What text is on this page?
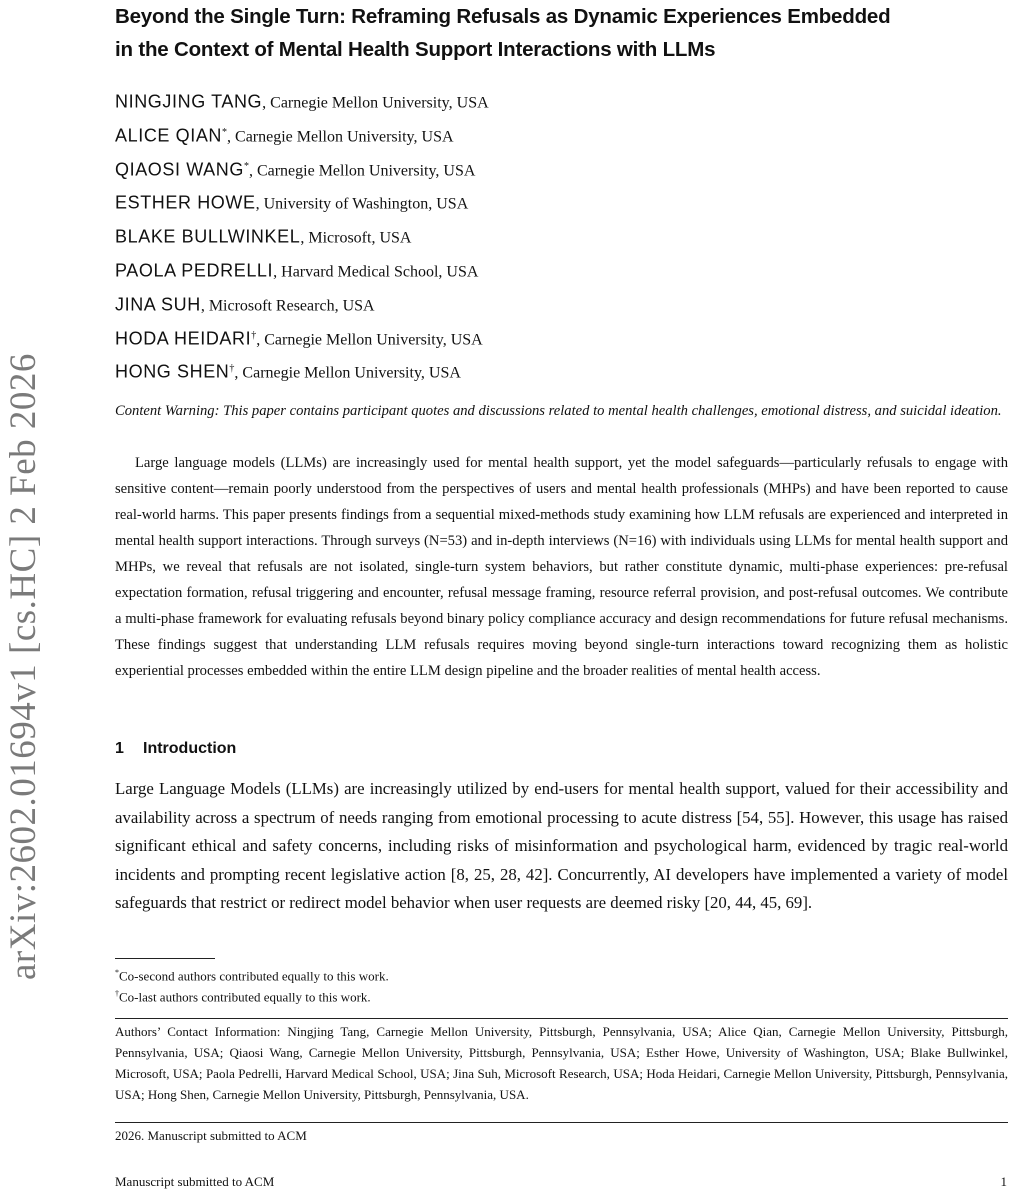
arXiv:2602.01694v1 [cs.HC] 2 Feb 2026
Beyond the Single Turn: Reframing Refusals as Dynamic Experiences Embedded
in the Context of Mental Health Support Interactions with LLMs
NINGJING TANG, Carnegie Mellon University, USA
ALICE QIAN*, Carnegie Mellon University, USA
QIAOSI WANG*, Carnegie Mellon University, USA
ESTHER HOWE, University of Washington, USA
BLAKE BULLWINKEL, Microsoft, USA
PAOLA PEDRELLI, Harvard Medical School, USA
JINA SUH, Microsoft Research, USA
HODA HEIDARI†, Carnegie Mellon University, USA
HONG SHEN†, Carnegie Mellon University, USA
Content Warning: This paper contains participant quotes and discussions related to mental health challenges, emotional distress, and suicidal ideation.
Large language models (LLMs) are increasingly used for mental health support, yet the model safeguards—particularly refusals to engage with sensitive content—remain poorly understood from the perspectives of users and mental health professionals (MHPs) and have been reported to cause real-world harms. This paper presents findings from a sequential mixed-methods study examining how LLM refusals are experienced and interpreted in mental health support interactions. Through surveys (N=53) and in-depth interviews (N=16) with individuals using LLMs for mental health support and MHPs, we reveal that refusals are not isolated, single-turn system behaviors, but rather constitute dynamic, multi-phase experiences: pre-refusal expectation formation, refusal triggering and encounter, refusal message framing, resource referral provision, and post-refusal outcomes. We contribute a multi-phase framework for evaluating refusals beyond binary policy compliance accuracy and design recommendations for future refusal mechanisms. These findings suggest that understanding LLM refusals requires moving beyond single-turn interactions toward recognizing them as holistic experiential processes embedded within the entire LLM design pipeline and the broader realities of mental health access.
1 Introduction
Large Language Models (LLMs) are increasingly utilized by end-users for mental health support, valued for their accessibility and availability across a spectrum of needs ranging from emotional processing to acute distress [54, 55]. However, this usage has raised significant ethical and safety concerns, including risks of misinformation and psychological harm, evidenced by tragic real-world incidents and prompting recent legislative action [8, 25, 28, 42]. Concurrently, AI developers have implemented a variety of model safeguards that restrict or redirect model behavior when user requests are deemed risky [20, 44, 45, 69].
*Co-second authors contributed equally to this work.
†Co-last authors contributed equally to this work.
Authors’ Contact Information: Ningjing Tang, Carnegie Mellon University, Pittsburgh, Pennsylvania, USA; Alice Qian, Carnegie Mellon University, Pittsburgh, Pennsylvania, USA; Qiaosi Wang, Carnegie Mellon University, Pittsburgh, Pennsylvania, USA; Esther Howe, University of Washington, USA; Blake Bullwinkel, Microsoft, USA; Paola Pedrelli, Harvard Medical School, USA; Jina Suh, Microsoft Research, USA; Hoda Heidari, Carnegie Mellon University, Pittsburgh, Pennsylvania, USA; Hong Shen, Carnegie Mellon University, Pittsburgh, Pennsylvania, USA.
2026. Manuscript submitted to ACM
Manuscript submitted to ACM	1
